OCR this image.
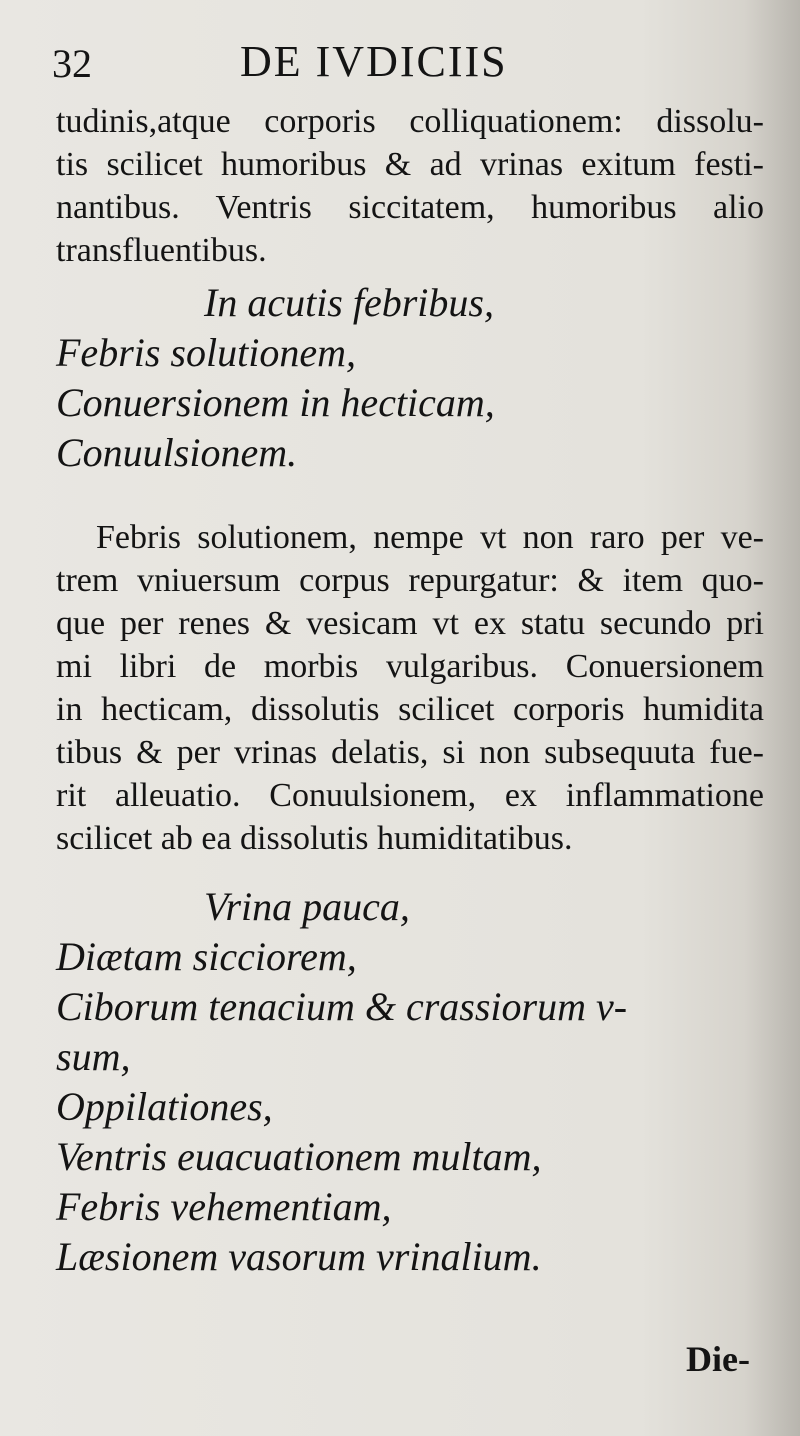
32	DE IVDICIIS
tudinis,atque corporis colliquationem: dissolu-
tis scilicet humoribus & ad vrinas exitum festi-
nantibus. Ventris siccitatem, humoribus alio
transfluentibus.
In acutis febribus,
Febris solutionem,
Conuersionem in hecticam,
Conuulsionem.
Febris solutionem, nempe vt non raro per ve-
trem vniuersum corpus repurgatur: & item quo-
que per renes & vesicam vt ex statu secundo pri
mi libri de morbis vulgaribus. Conuersionem
in hecticam, dissolutis scilicet corporis humidita
tibus & per vrinas delatis, si non subsequuta fue-
rit alleuatio. Conuulsionem, ex inflammatione
scilicet ab ea dissolutis humiditatibus.
Vrina pauca,
Diætam sicciorem,
Ciborum tenacium & crassiorum v-
sum,
Oppilationes,
Ventris euacuationem multam,
Febris vehementiam,
Læsionem vasorum vrinalium.
Die-
